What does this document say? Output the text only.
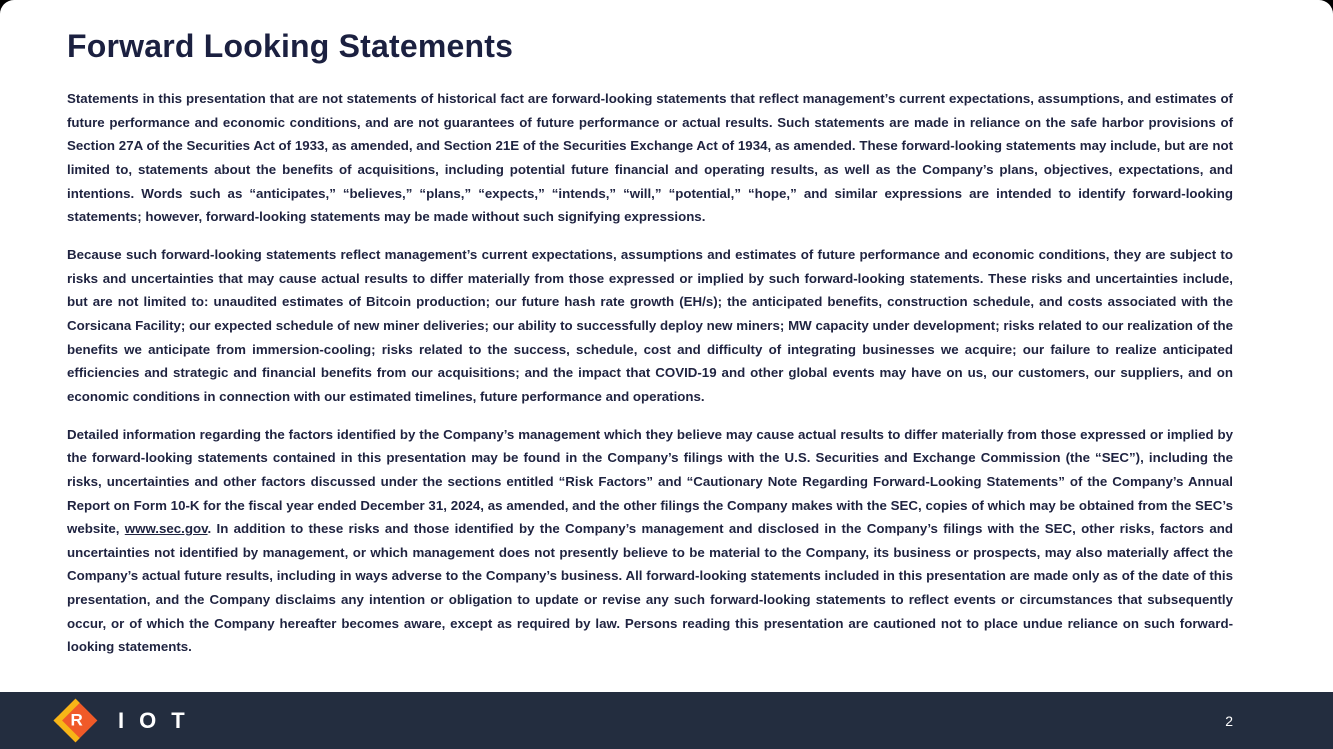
Forward Looking Statements

Statements in this presentation that are not statements of historical fact are forward-looking statements that reflect management’s current expectations, assumptions, and estimates of future performance and economic conditions, and are not guarantees of future performance or actual results. Such statements are made in reliance on the safe harbor provisions of Section 27A of the Securities Act of 1933, as amended, and Section 21E of the Securities Exchange Act of 1934, as amended. These forward-looking statements may include, but are not limited to, statements about the benefits of acquisitions, including potential future financial and operating results, as well as the Company’s plans, objectives, expectations, and intentions. Words such as “anticipates,” “believes,” “plans,” “expects,” “intends,” “will,” “potential,” “hope,” and similar expressions are intended to identify forward-looking statements; however, forward-looking statements may be made without such signifying expressions.

Because such forward-looking statements reflect management’s current expectations, assumptions and estimates of future performance and economic conditions, they are subject to risks and uncertainties that may cause actual results to differ materially from those expressed or implied by such forward-looking statements. These risks and uncertainties include, but are not limited to: unaudited estimates of Bitcoin production; our future hash rate growth (EH/s); the anticipated benefits, construction schedule, and costs associated with the Corsicana Facility; our expected schedule of new miner deliveries; our ability to successfully deploy new miners; MW capacity under development; risks related to our realization of the benefits we anticipate from immersion-cooling; risks related to the success, schedule, cost and difficulty of integrating businesses we acquire; our failure to realize anticipated efficiencies and strategic and financial benefits from our acquisitions; and the impact that COVID-19 and other global events may have on us, our customers, our suppliers, and on economic conditions in connection with our estimated timelines, future performance and operations.

Detailed information regarding the factors identified by the Company’s management which they believe may cause actual results to differ materially from those expressed or implied by the forward-looking statements contained in this presentation may be found in the Company’s filings with the U.S. Securities and Exchange Commission (the “SEC”), including the risks, uncertainties and other factors discussed under the sections entitled “Risk Factors” and “Cautionary Note Regarding Forward-Looking Statements” of the Company’s Annual Report on Form 10-K for the fiscal year ended December 31, 2024, as amended, and the other filings the Company makes with the SEC, copies of which may be obtained from the SEC’s website, www.sec.gov. In addition to these risks and those identified by the Company’s management and disclosed in the Company’s filings with the SEC, other risks, factors and uncertainties not identified by management, or which management does not presently believe to be material to the Company, its business or prospects, may also materially affect the Company’s actual future results, including in ways adverse to the Company’s business. All forward-looking statements included in this presentation are made only as of the date of this presentation, and the Company disclaims any intention or obligation to update or revise any such forward-looking statements to reflect events or circumstances that subsequently occur, or of which the Company hereafter becomes aware, except as required by law. Persons reading this presentation are cautioned not to place undue reliance on such forward-looking statements.

R IOT	2
